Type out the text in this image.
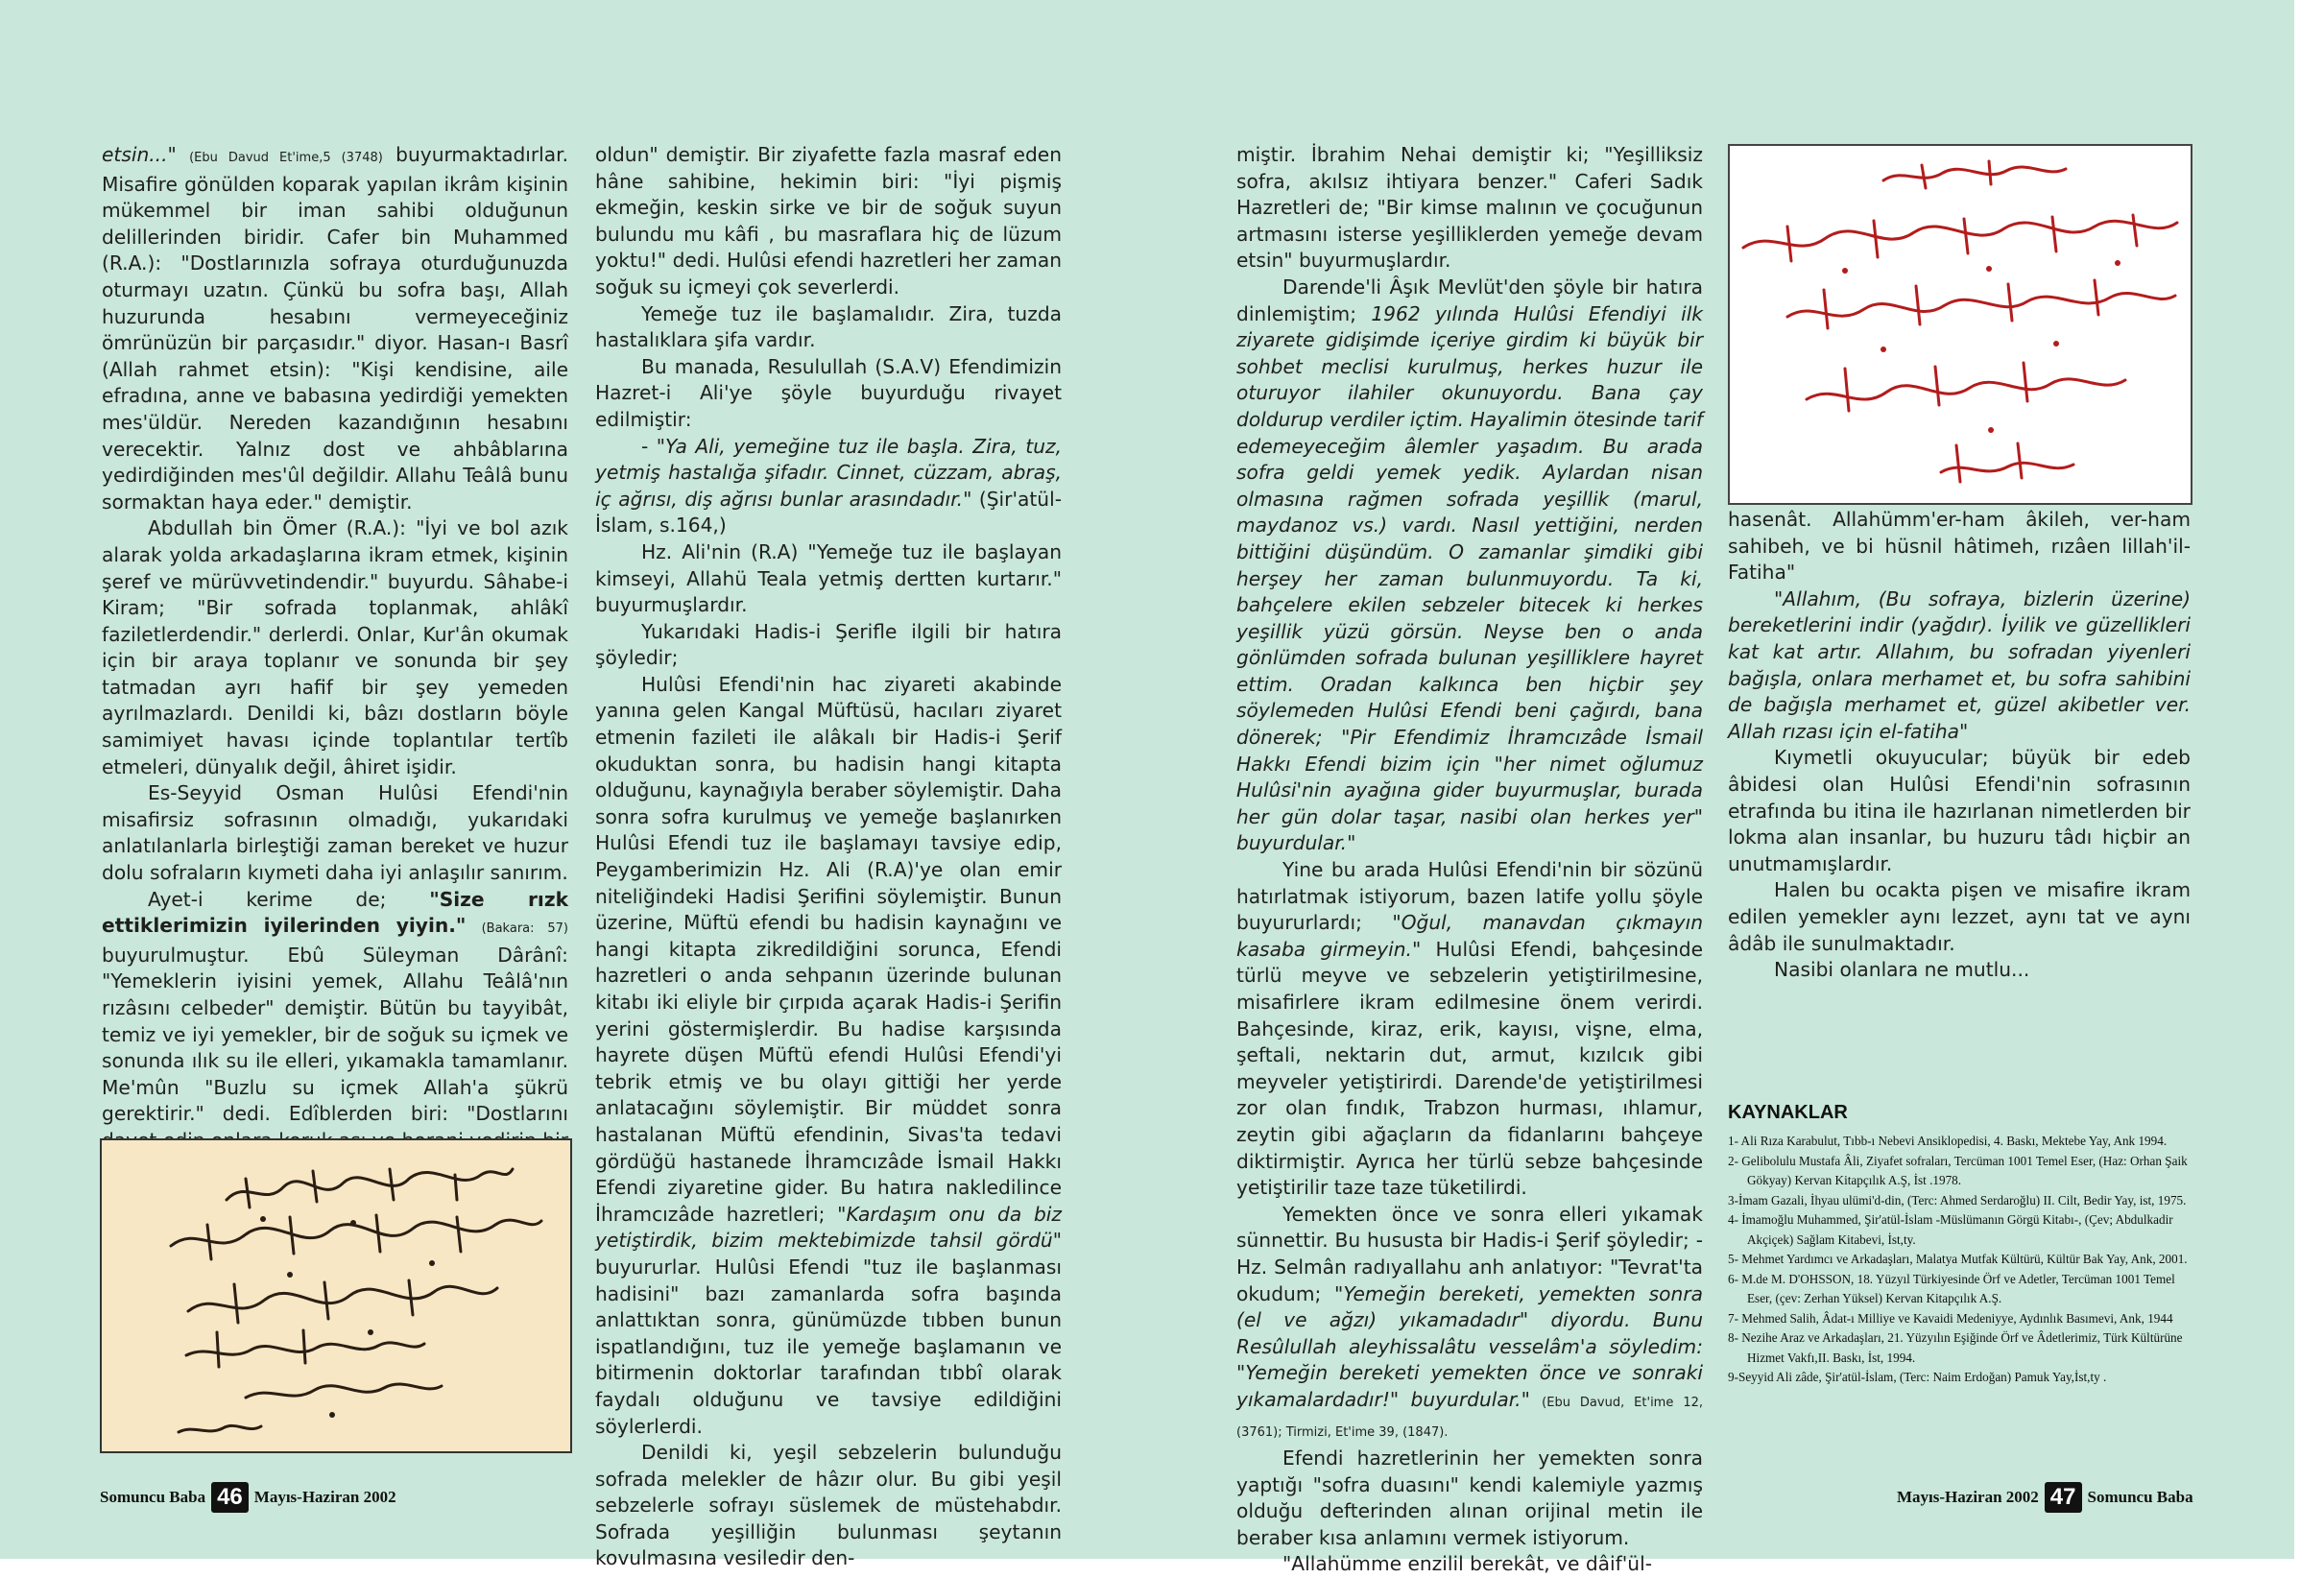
etsin..." (Ebu Davud Et'ime,5 (3748) buyurmaktadırlar. Misafire gönülden koparak yapılan ikrâm kişinin mükemmel bir iman sahibi olduğunun delillerinden biridir. Cafer bin Muhammed (R.A.): "Dostlarınızla sofraya oturduğunuzda oturmayı uzatın. Çünkü bu sofra başı, Allah huzurunda hesabını vermeyeceğiniz ömrünüzün bir parçasıdır." diyor. Hasan-ı Basrî (Allah rahmet etsin): "Kişi kendisine, aile efradına, anne ve babasına yedirdiği yemekten mes'üldür. Nereden kazandığının hesabını verecektir. Yalnız dost ve ahbâblarına yedirdiğinden mes'ûl değildir. Allahu Teâlâ bunu sormaktan haya eder." demiştir.

Abdullah bin Ömer (R.A.): "İyi ve bol azık alarak yolda arkadaşlarına ikram etmek, kişinin şeref ve mürüvvetindendir." buyurdu. Sâhabe-i Kiram; "Bir sofrada toplanmak, ahlâkî faziletlerdendir." derlerdi. Onlar, Kur'ân okumak için bir araya toplanır ve sonunda bir şey tatmadan ayrı hafif bir şey yemeden ayrılmazlardı. Denildi ki, bâzı dostların böyle samimiyet havası içinde toplantılar tertîb etmeleri, dünyalık değil, âhiret işidir.

Es-Seyyid Osman Hulûsi Efendi'nin misafirsiz sofrasının olmadığı, yukarıdaki anlatılanlarla birleştiği zaman bereket ve huzur dolu sofraların kıymeti daha iyi anlaşılır sanırım.

Ayet-i kerime de; "Size rızk ettiklerimizin iyilerinden yiyin." (Bakara: 57) buyurulmuştur. Ebû Süleyman Dârânî: "Yemeklerin iyisini yemek, Allahu Teâlâ'nın rızâsını celbeder" demiştir. Bütün bu tayyibât, temiz ve iyi yemekler, bir de soğuk su içmek ve sonunda ılık su ile elleri, yıkamakla tamamlanır. Me'mûn "Buzlu su içmek Allah'a şükrü gerektirir." dedi. Edîblerden biri: "Dostlarını

oldun" demiştir. Bir ziyafette fazla masraf eden hâne sahibine, hekimin biri: "İyi pişmiş ekmeğin, keskin sirke ve bir de soğuk suyun bulundu mu kâfi , bu masraflara hiç de lüzum yoktu!" dedi. Hulûsi efendi hazretleri her zaman soğuk su içmeyi çok severlerdi.

Yemeğe tuz ile başlamalıdır. Zira, tuzda hastalıklara şifa vardır.

Bu manada, Resulullah (S.A.V) Efendimizin Hazret-i Ali'ye şöyle buyurduğu rivayet edilmiştir:

- "Ya Ali, yemeğine tuz ile başla. Zira, tuz, yetmiş hastalığa şifadır. Cinnet, cüzzam, abraş, iç ağrısı, diş ağrısı bunlar arasındadır." (Şir'atül-İslam, s.164,)

Hz. Ali'nin (R.A) "Yemeğe tuz ile başlayan kimseyi, Allahü Teala yetmiş dertten kurtarır." buyurmuşlardır.

Yukarıdaki Hadis-i Şerifle ilgili bir hatıra şöyledir;

Hulûsi Efendi'nin hac ziyareti akabinde yanına gelen Kangal Müftüsü, hacıları ziyaret etmenin fazileti ile alâkalı bir Hadis-i Şerif okuduktan sonra, bu hadisin hangi kitapta olduğunu, kaynağıyla beraber söylemiştir. Daha sonra sofra kurulmuş ve yemeğe başlanırken Hulûsi Efendi tuz ile başlamayı tavsiye edip, Peygamberimizin Hz. Ali (R.A)'ye olan emir niteliğindeki Hadisi Şerifini söylemiştir. Bunun üzerine, Müftü efendi bu hadisin kaynağını ve hangi kitapta zikredildiğini sorunca, Efendi hazretleri o anda sehpanın üzerinde bulunan kitabı iki eliyle bir çırpıda açarak Hadis-i Şerifin yerini göstermişlerdir. Bu hadise karşısında hayrete düşen Müftü efendi Hulûsi Efendi'yi tebrik etmiş ve bu olayı gittiği her yerde anlatacağını söylemiştir. Bir müddet sonra hastalanan Müftü efendinin, Sivas'ta tedavi gördüğü hastanede İhramcızâde İsmail Hakkı Efendi ziyaretine gider. Bu hatıra nakledilince İhramcızâde hazretleri; "Kardaşım onu da biz yetiştirdik, bizim mektebimizde tahsil gördü" buyururlar. Hulûsi Efendi "tuz ile başlanması hadisini" bazı zamanlarda sofra başında anlattıktan sonra, günümüzde tıbben bunun ispatlandığını, tuz ile yemeğe başlamanın ve bitirmenin doktorlar tarafından tıbbî olarak faydalı olduğunu ve tavsiye edildiğini söylerlerdi.

Denildi ki, yeşil sebzelerin bulunduğu sofrada melekler de hâzır olur. Bu gibi yeşil sebzelerle sofrayı süslemek de müstehabdır. Sofrada yeşilliğin bulunması şeytanın kovulmasına vesiledir den-

Somuncu Baba 46 Mayıs-Haziran 2002

miştir. İbrahim Nehai demiştir ki; "Yeşilliksiz sofra, akılsız ihtiyara benzer." Caferi Sadık Hazretleri de; "Bir kimse malının ve çocuğunun artmasını isterse yeşilliklerden yemeğe devam etsin" buyurmuşlardır.

Darende'li Âşık Mevlüt'den şöyle bir hatıra dinlemiştim; 1962 yılında Hulûsi Efendiyi ilk ziyarete gidişimde içeriye girdim ki büyük bir sohbet meclisi kurulmuş, herkes huzur ile oturuyor ilahiler okunuyordu. Bana çay doldurup verdiler içtim. Hayalimin ötesinde tarif edemeyeceğim âlemler yaşadım. Bu arada sofra geldi yemek yedik. Aylardan nisan olmasına rağmen sofrada yeşillik (marul, maydanoz vs.) vardı. Nasıl yettiğini, nerden bittiğini düşündüm. O zamanlar şimdiki gibi herşey her zaman bulunmuyordu. Ta ki, bahçelere ekilen sebzeler bitecek ki herkes yeşillik yüzü görsün. Neyse ben o anda gönlümden sofrada bulunan yeşilliklere hayret ettim. Oradan kalkınca ben hiçbir şey söylemeden Hulûsi Efendi beni çağırdı, bana dönerek; "Pir Efendimiz İhramcızâde İsmail Hakkı Efendi bizim için "her nimet oğlumuz Hulûsi'nin ayağına gider buyurmuşlar, burada her gün dolar taşar, nasibi olan herkes yer" buyurdular."

Yine bu arada Hulûsi Efendi'nin bir sözünü hatırlatmak istiyorum, bazen latife yollu şöyle buyururlardı; "Oğul, manavdan çıkmayın kasaba girmeyin." Hulûsi Efendi, bahçesinde türlü meyve ve sebzelerin yetiştirilmesine, misafirlere ikram edilmesine önem verirdi. Bahçesinde, kiraz, erik, kayısı, vişne, elma, şeftali, nektarin dut, armut, kızılcık gibi meyveler yetiştirirdi. Darende'de yetiştirilmesi zor olan fındık, Trabzon hurması, ıhlamur, zeytin gibi ağaçların da fidanlarını bahçeye diktirmiştir. Ayrıca her türlü sebze bahçesinde yetiştirilir taze taze tüketilirdi.

Yemekten önce ve sonra elleri yıkamak sünnettir. Bu hususta bir Hadis-i Şerif şöyledir; - Hz. Selmân radıyallahu anh anlatıyor: "Tevrat'ta okudum; "Yemeğin bereketi, yemekten sonra (el ve ağzı) yıkamadadır" diyordu. Bunu Resûlullah aleyhissalâtu vesselâm'a söyledim: "Yemeğin bereketi yemekten önce ve sonraki yıkamalardadır!" buyurdular." (Ebu Davud, Et'ime 12, (3761); Tirmizi, Et'ime 39, (1847).

Efendi hazretlerinin her yemekten sonra yaptığı "sofra duasını" kendi kalemiyle yazmış olduğu defterinden alınan orijinal metin ile beraber kısa anlamını vermek istiyorum.

"Allahümme enzilil berekât, ve dâif'ül-

hasenât. Allahümm'er-ham âkileh, ver-ham sahibeh, ve bi hüsnil hâtimeh, rızâen lillah'il-Fatiha"

"Allahım, (Bu sofraya, bizlerin üzerine) bereketlerini indir (yağdır). İyilik ve güzellikleri kat kat artır. Allahım, bu sofradan yiyenleri bağışla, onlara merhamet et, bu sofra sahibini de bağışla merhamet et, güzel akibetler ver. Allah rızası için el-fatiha"

Kıymetli okuyucular; büyük bir edeb âbidesi olan Hulûsi Efendi'nin sofrasının etrafında bu itina ile hazırlanan nimetlerden bir lokma alan insanlar, bu huzuru tâdı hiçbir an unutmamışlardır.

Halen bu ocakta pişen ve misafire ikram edilen yemekler aynı lezzet, aynı tat ve aynı âdâb ile sunulmaktadır.

Nasibi olanlara ne mutlu...

KAYNAKLAR
1- Ali Rıza Karabulut, Tıbb-ı Nebevi Ansiklopedisi, 4. Baskı, Mektebe Yay, Ank 1994.
2- Gelibolulu Mustafa Âli, Ziyafet sofraları, Tercüman 1001 Temel Eser, (Haz: Orhan Şaik Gökyay) Kervan Kitapçılık A.Ş, İst .1978.
3-İmam Gazali, İhyau ulümi'd-din, (Terc: Ahmed Serdaroğlu) II. Cilt, Bedir Yay, ist, 1975.
4- İmamoğlu Muhammed, Şir'atül-İslam -Müslümanın Görgü Kitabı-, (Çev; Abdulkadir Akçiçek) Sağlam Kitabevi, İst,ty.
5- Mehmet Yardımcı ve Arkadaşları, Malatya Mutfak Kültürü, Kültür Bak Yay, Ank, 2001.
6- M.de M. D'OHSSON, 18. Yüzyıl Türkiyesinde Örf ve Adetler, Tercüman 1001 Temel Eser, (çev: Zerhan Yüksel) Kervan Kitapçılık A.Ş.
7- Mehmed Salih, Âdat-ı Milliye ve Kavaidi Medeniyye, Aydınlık Basımevi, Ank, 1944
8- Nezihe Araz ve Arkadaşları, 21. Yüzyılın Eşiğinde Örf ve Âdetlerimiz, Türk Kültürüne Hizmet Vakfı,II. Baskı, İst, 1994.
9-Seyyid Ali zâde, Şir'atül-İslam, (Terc: Naim Erdoğan) Pamuk Yay,İst,ty .
Mayıs-Haziran 2002 47 Somuncu Baba
